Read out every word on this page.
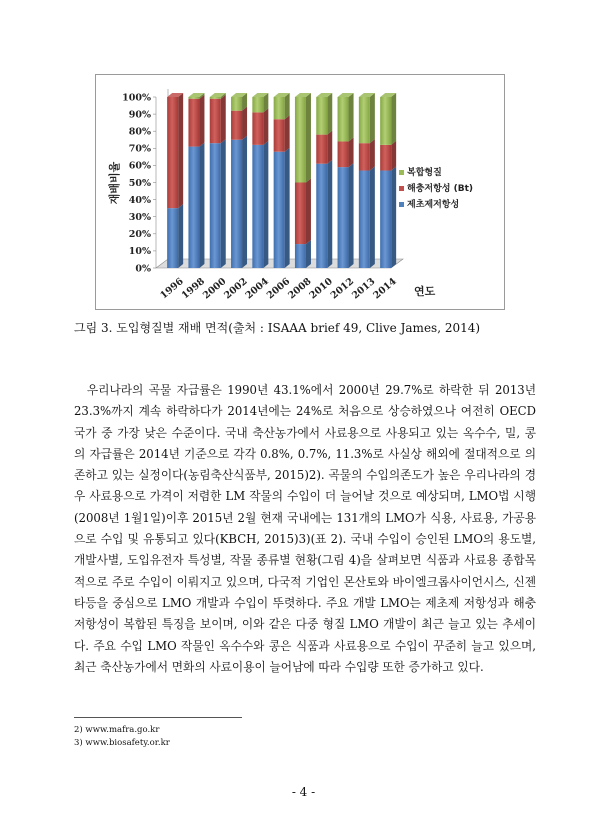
0%
10%
20%
30%
40%
50%
60%
70%
80%
90%
100%
1996
1998
2000
2002
2004
2006
2008
2010
2012
2013
2014
재배비율
연도
복합형질
해충저항성 (Bt)
제초제저항성
그림 3. 도입형질별 재배 면적(출처 : ISAAA brief 49, Clive James, 2014)
우리나라의 곡물 자급률은 1990년 43.1%에서 2000년 29.7%로 하락한 뒤 2013년 23.3%까지 계속 하락하다가 2014년에는 24%로 처음으로 상승하였으나 여전히 OECD 국가 중 가장 낮은 수준이다. 국내 축산농가에서 사료용으로 사용되고 있는 옥수수, 밀, 콩의 자급률은 2014년 기준으로 각각 0.8%, 0.7%, 11.3%로 사실상 해외에 절대적으로 의존하고 있는 실정이다(농림축산식품부, 2015)2). 곡물의 수입의존도가 높은 우리나라의 경우 사료용으로 가격이 저렴한 LM 작물의 수입이 더 늘어날 것으로 예상되며, LMO법 시행(2008년 1월1일)이후 2015년 2월 현재 국내에는 131개의 LMO가 식용, 사료용, 가공용으로 수입 및 유통되고 있다(KBCH, 2015)3)(표 2). 국내 수입이 승인된 LMO의 용도별, 개발사별, 도입유전자 특성별, 작물 종류별 현황(그림 4)을 살펴보면 식품과 사료용 종합목적으로 주로 수입이 이뤄지고 있으며, 다국적 기업인 몬산토와 바이엘크롭사이언시스, 신젠타등을 중심으로 LMO 개발과 수입이 뚜렷하다. 주요 개발 LMO는 제초제 저항성과 해충저항성이 복합된 특징을 보이며, 이와 같은 다중 형질 LMO 개발이 최근 늘고 있는 추세이다. 주요 수입 LMO 작물인 옥수수와 콩은 식품과 사료용으로 수입이 꾸준히 늘고 있으며, 최근 축산농가에서 면화의 사료이용이 늘어남에 따라 수입량 또한 증가하고 있다.
2) www.mafra.go.kr
3) www.biosafety.or.kr
- 4 -
